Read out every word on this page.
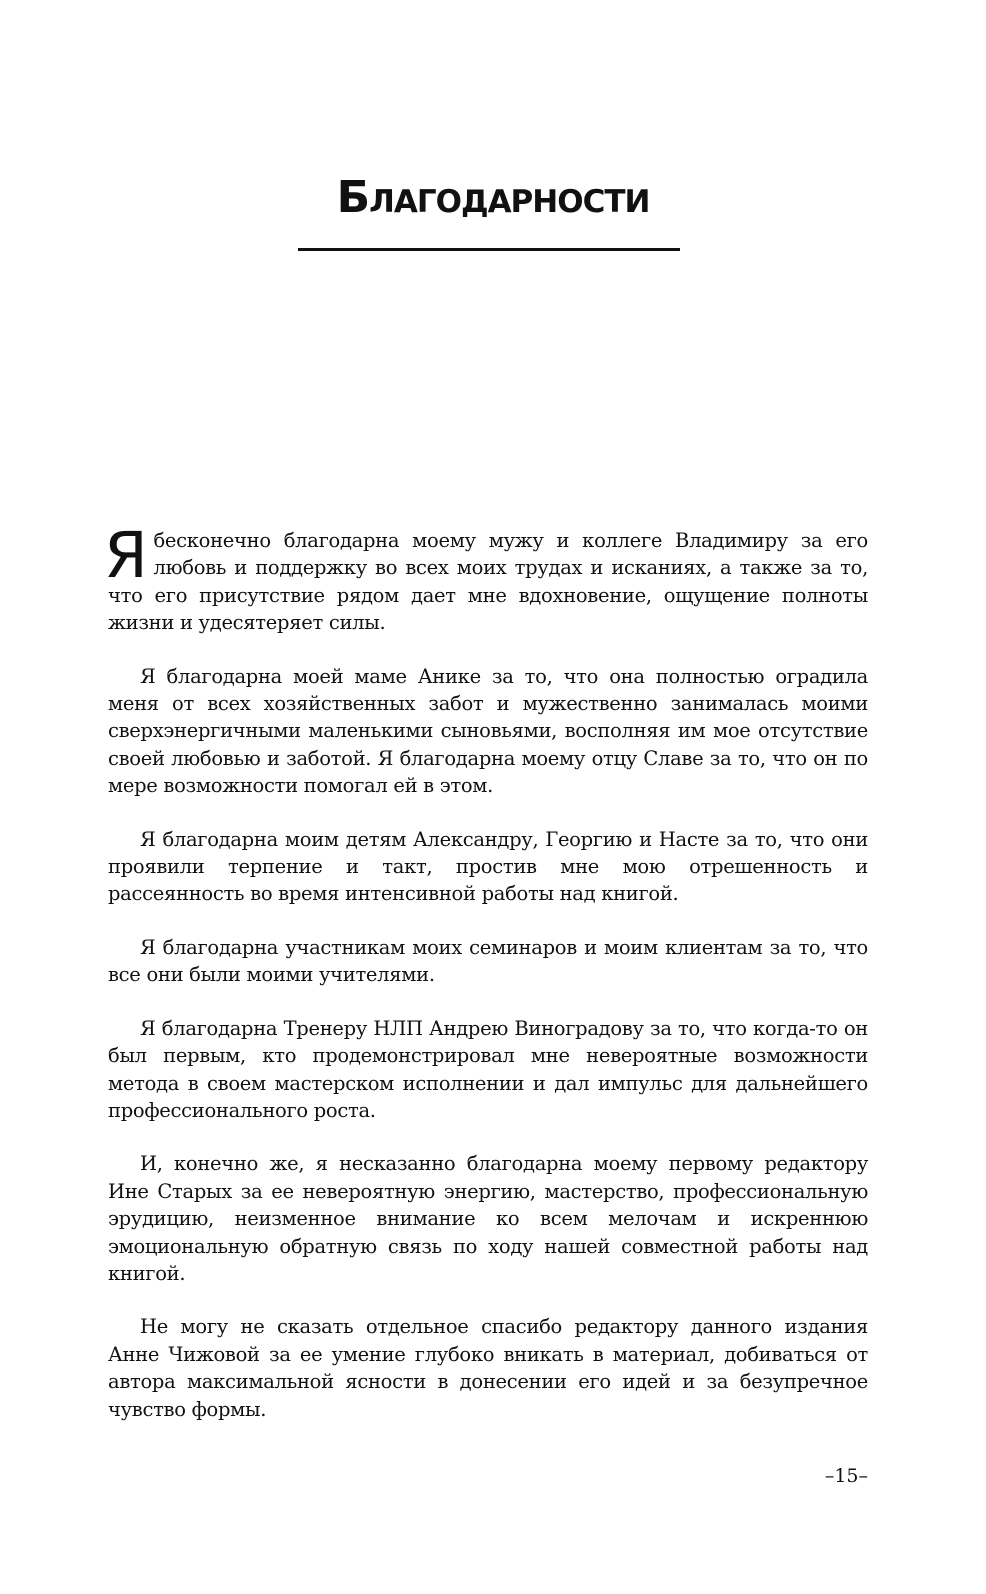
Благодарности

Я бесконечно благодарна моему мужу и коллеге Владимиру за его любовь и поддержку во всех моих трудах и исканиях, а также за то, что его присутствие рядом дает мне вдохновение, ощущение полноты жизни и удесятеряет силы.

Я благодарна моей маме Анике за то, что она полностью оградила меня от всех хозяйственных забот и мужественно занималась моими сверхэнергичными маленькими сыновьями, восполняя им мое отсутствие своей любовью и заботой. Я благодарна моему отцу Славе за то, что он по мере возможности помогал ей в этом.

Я благодарна моим детям Александру, Георгию и Насте за то, что они проявили терпение и такт, простив мне мою отрешенность и рассеянность во время интенсивной работы над книгой.

Я благодарна участникам моих семинаров и моим клиентам за то, что все они были моими учителями.

Я благодарна Тренеру НЛП Андрею Виноградову за то, что когда-то он был первым, кто продемонстрировал мне невероятные возможности метода в своем мастерском исполнении и дал импульс для дальнейшего профессионального роста.

И, конечно же, я несказанно благодарна моему первому редактору Ине Старых за ее невероятную энергию, мастерство, профессиональную эрудицию, неизменное внимание ко всем мелочам и искреннюю эмоциональную обратную связь по ходу нашей совместной работы над книгой.

Не могу не сказать отдельное спасибо редактору данного издания Анне Чижовой за ее умение глубоко вникать в материал, добиваться от автора максимальной ясности в донесении его идей и за безупречное чувство формы.

–15–
